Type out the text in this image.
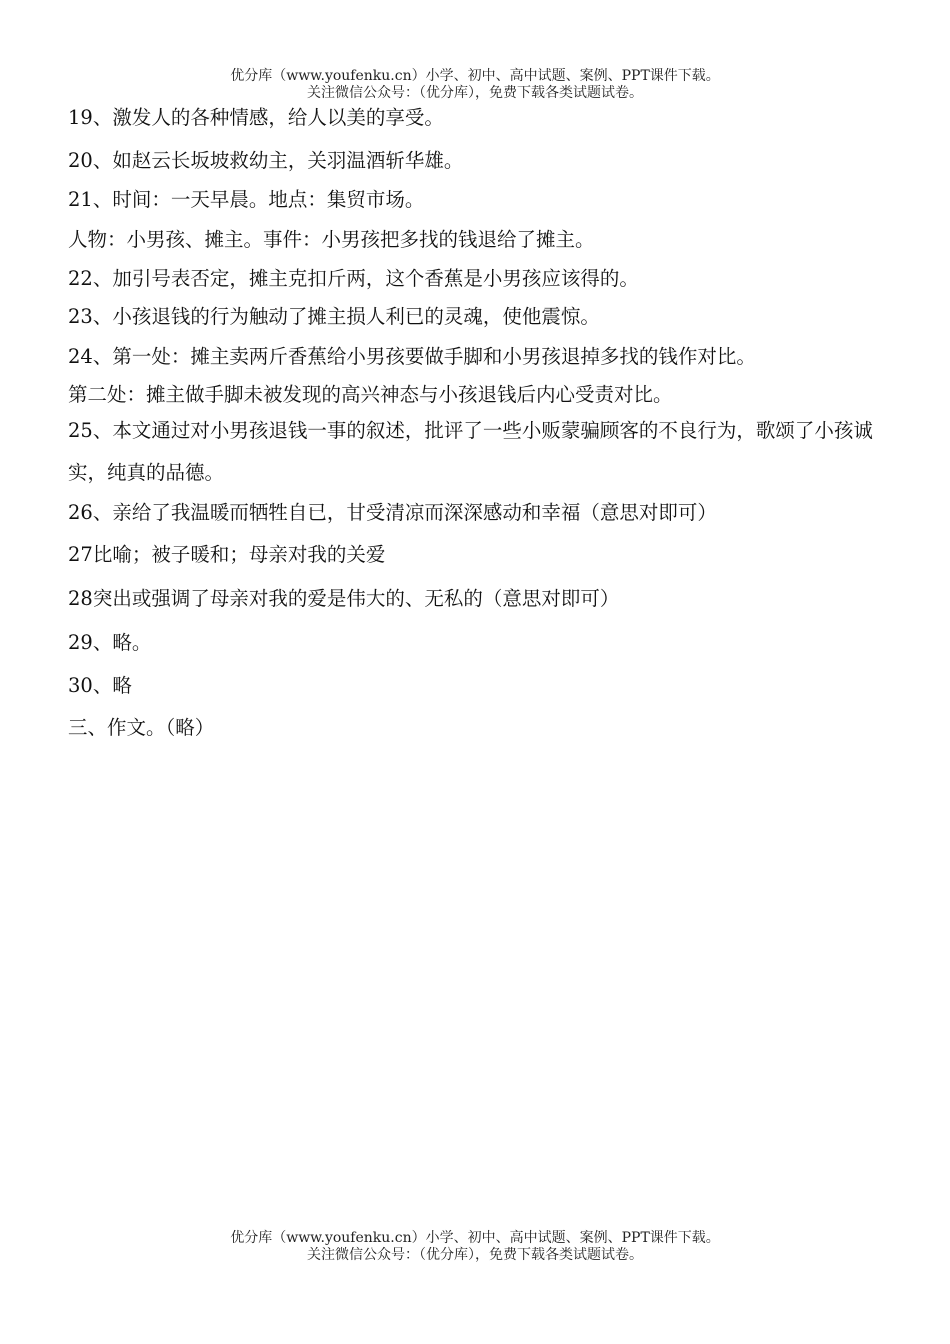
优分库（www.youfenku.cn）小学、初中、高中试题、案例、PPT课件下载。
关注微信公众号：（优分库），免费下载各类试题试卷。
19、激发人的各种情感，给人以美的享受。
20、如赵云长坂坡救幼主，关羽温酒斩华雄。
21、时间：一天早晨。地点：集贸市场。
人物：小男孩、摊主。事件：小男孩把多找的钱退给了摊主。
22、加引号表否定，摊主克扣斤两，这个香蕉是小男孩应该得的。
23、小孩退钱的行为触动了摊主损人利已的灵魂，使他震惊。
24、第一处：摊主卖两斤香蕉给小男孩要做手脚和小男孩退掉多找的钱作对比。
第二处：摊主做手脚未被发现的高兴神态与小孩退钱后内心受责对比。
25、本文通过对小男孩退钱一事的叙述，批评了一些小贩蒙骗顾客的不良行为，歌颂了小孩诚实，纯真的品德。
26、亲给了我温暖而牺牲自已，甘受清凉而深深感动和幸福（意思对即可）
27比喻；被子暖和；母亲对我的关爱
28突出或强调了母亲对我的爱是伟大的、无私的（意思对即可）
29、略。
30、略
三、作文。（略）
优分库（www.youfenku.cn）小学、初中、高中试题、案例、PPT课件下载。
关注微信公众号：（优分库），免费下载各类试题试卷。
